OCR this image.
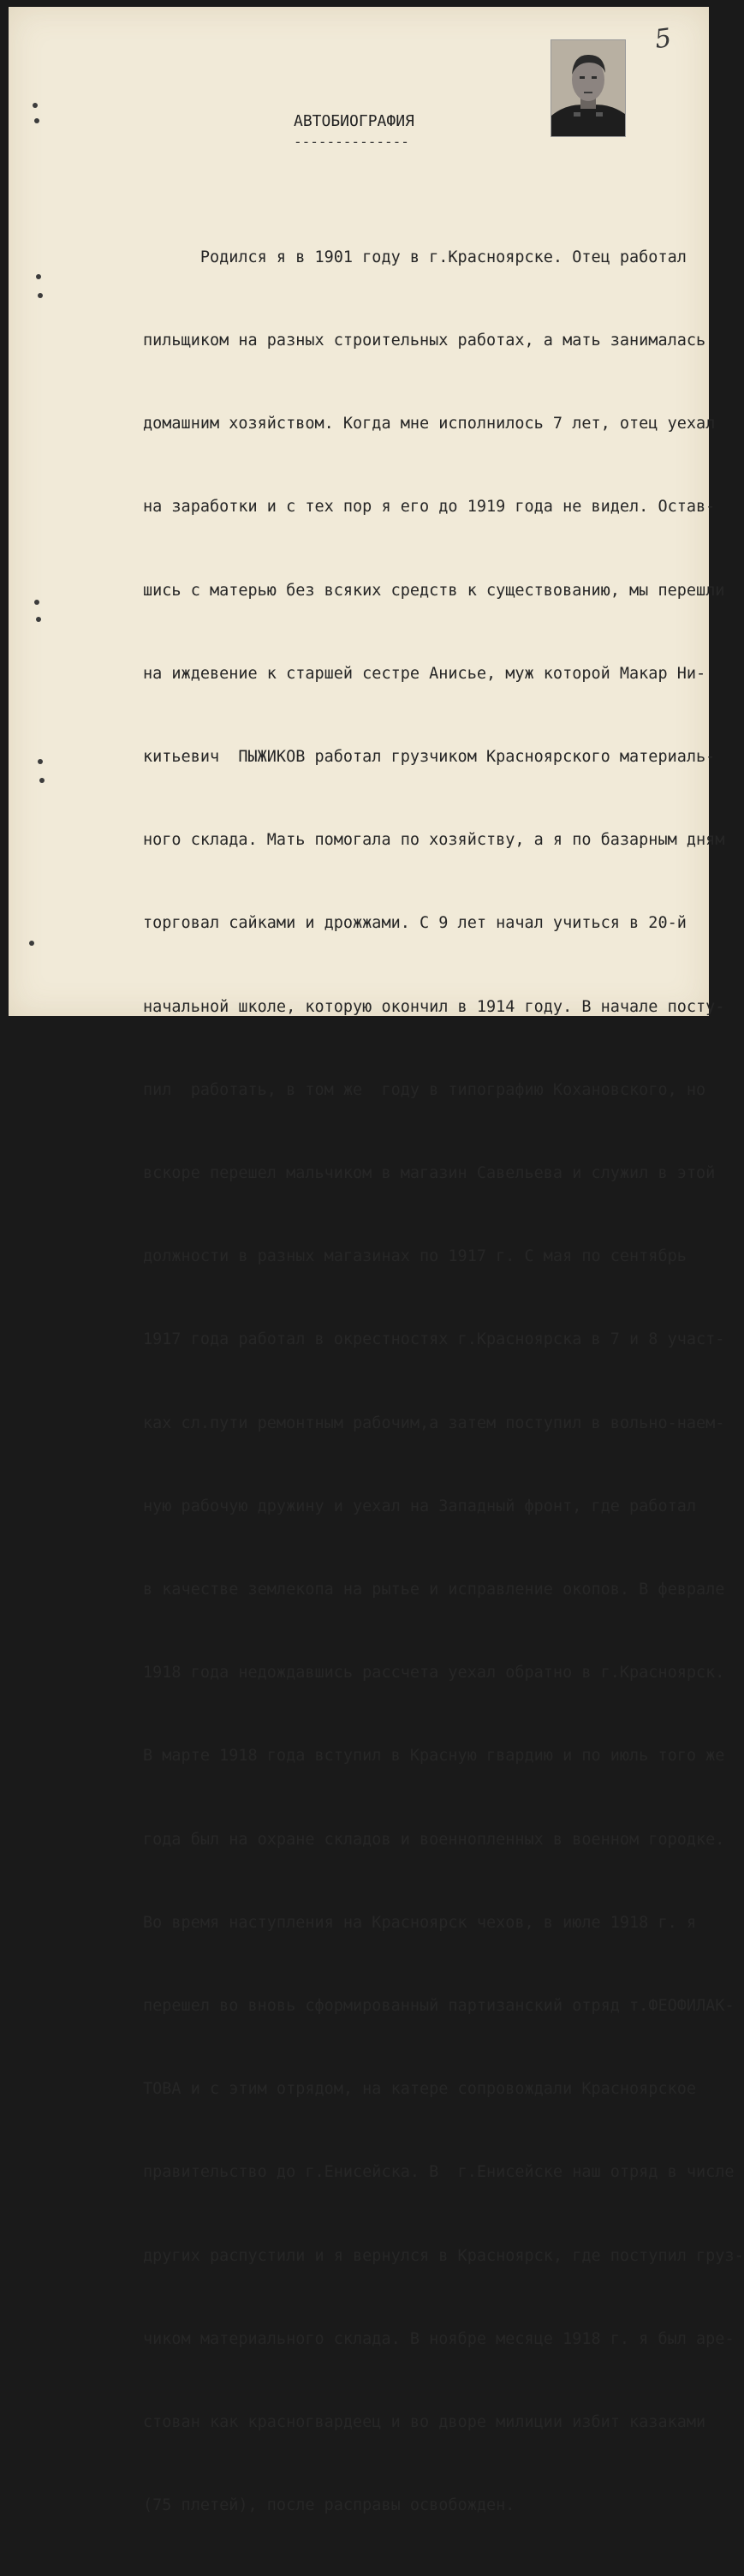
5
АВТОБИОГРАФИЯ
--------------

Родился я в 1901 году в г.Красноярске. Отец работал

пильщиком на разных строительных работах, а мать занималась

домашним хозяйством. Когда мне исполнилось 7 лет, отец уехал

на заработки и с тех пор я его до 1919 года не видел. Остав-

шись с матерью без всяких средств к существованию, мы перешли

на иждевение к старшей сестре Анисье, муж которой Макар Ни-

китьевич  ПЫЖИКОВ работал грузчиком Красноярского материаль-

ного склада. Мать помогала по хозяйству, а я по базарным дням

торговал сайками и дрожжами. С 9 лет начал учиться в 20-й

начальной школе, которую окончил в 1914 году. В начале посту-

пил  работать, в том же  году в типографию Кохановского, но

вскоре перешел мальчиком в магазин Савельева и служил в этой

должности в разных магазинах по 1917 г. С мая по сентябрь

1917 года работал в окрестностях г.Красноярска в 7 и 8 участ-

ках сл.пути ремонтным рабочим,а затем поступил в вольно-наем-

ную рабочую дружину и уехал на Западный фронт, где работал

в качестве землекопа на рытье и исправление окопов. В феврале

1918 года недождавшись рассчета уехал обратно в г.Красноярск.

В марте 1918 года вступил в Красную гвардию и по июль того же

года был на охране складов и военнопленных в военном городке.

Во время наступления на Красноярск чехов, в июле 1918 г. я

перешел во вновь сформированный партизанский отряд т.ФЕОФИЛАК-

ТОВА и с этим отрядом, на катере сопровождали Красноярское

правительство до г.Енисейска. В  г.Енисейске наш отряд в числе

других распустили и я вернулся в Красноярск, где поступил груз-

чиком материального склада. В ноябре месяце 1918 г. я был аре-

стован как красногвардеец и во дворе милиции избит казаками

(75 плетей), после расправы освобожден.
